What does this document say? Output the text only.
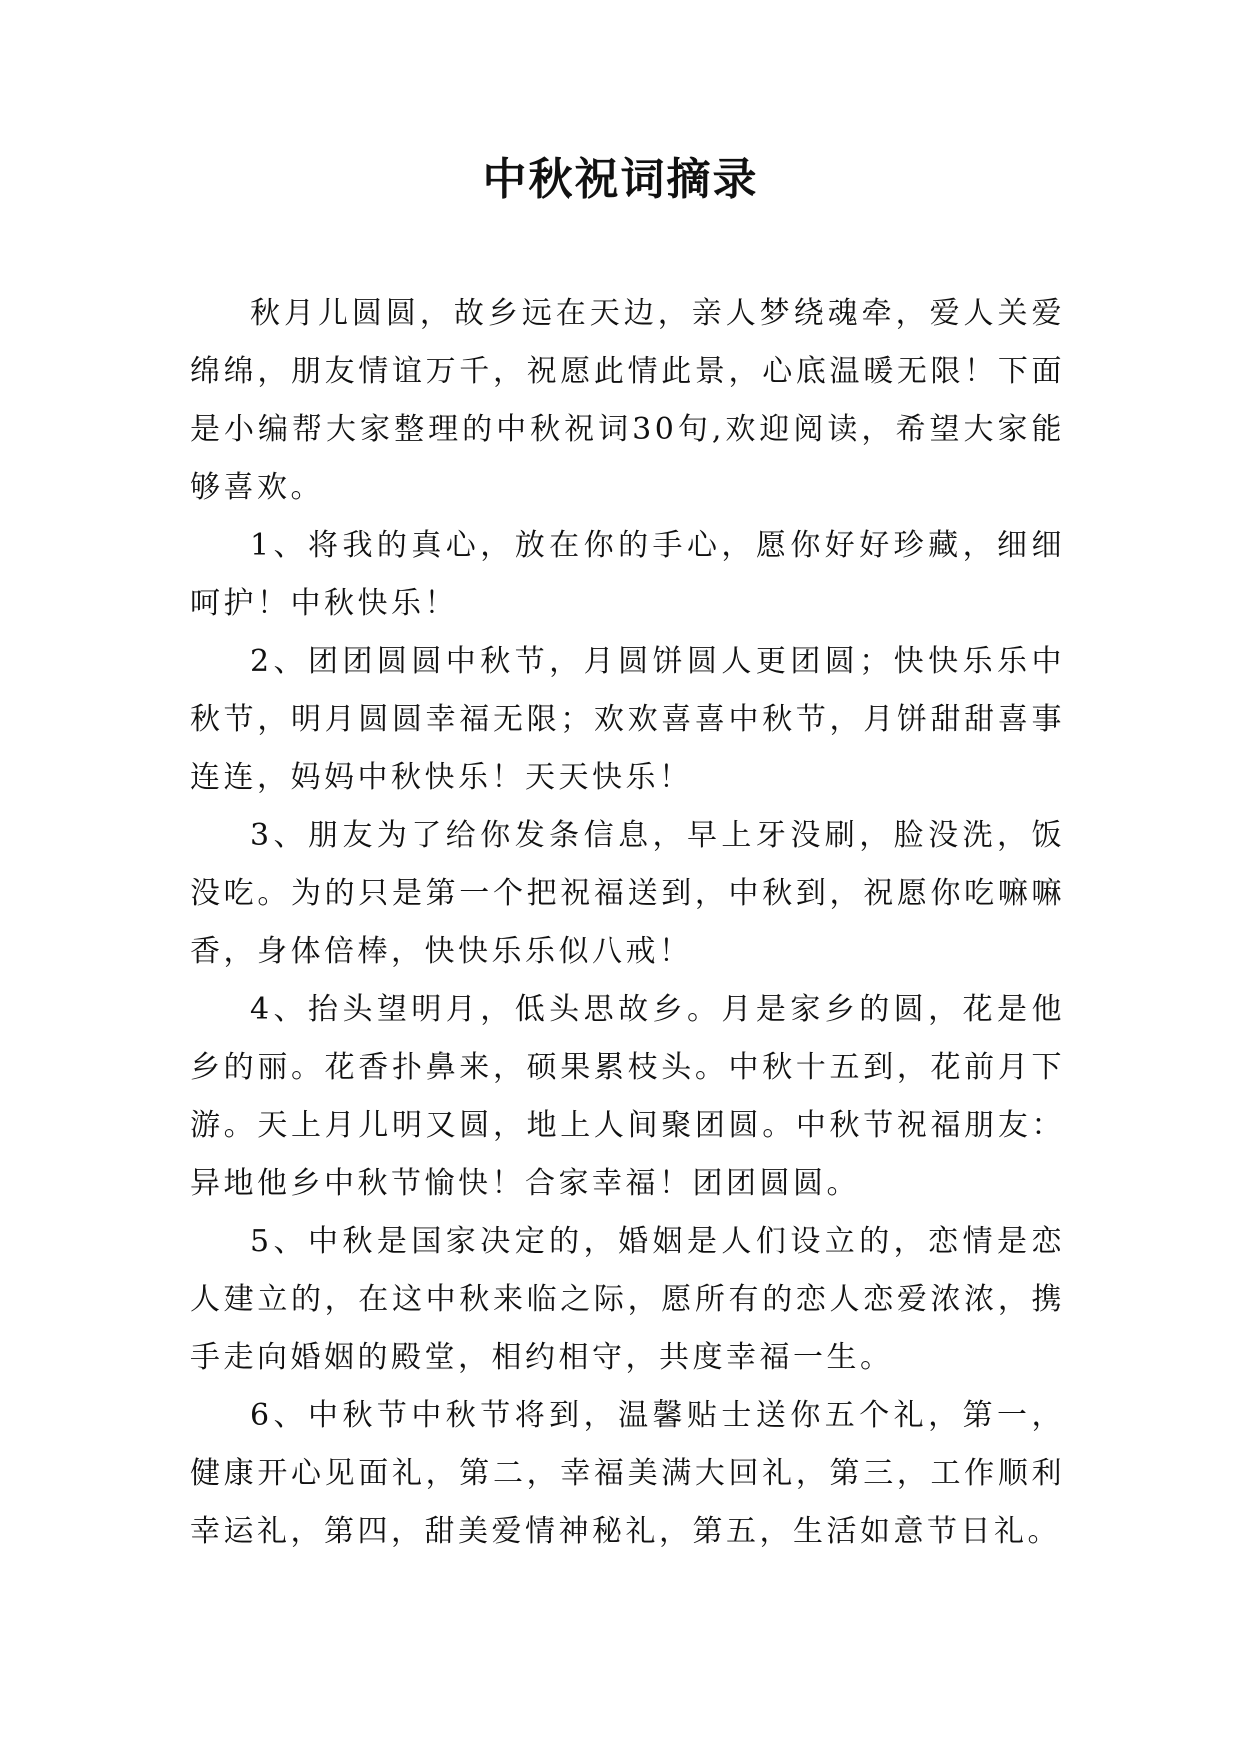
中秋祝词摘录

秋月儿圆圆，故乡远在天边，亲人梦绕魂牵，爱人关爱绵绵，朋友情谊万千，祝愿此情此景，心底温暖无限！下面是小编帮大家整理的中秋祝词30句,欢迎阅读，希望大家能够喜欢。

1、将我的真心，放在你的手心，愿你好好珍藏，细细呵护！中秋快乐！

2、团团圆圆中秋节，月圆饼圆人更团圆；快快乐乐中秋节，明月圆圆幸福无限；欢欢喜喜中秋节，月饼甜甜喜事连连，妈妈中秋快乐！天天快乐！

3、朋友为了给你发条信息，早上牙没刷，脸没洗，饭没吃。为的只是第一个把祝福送到，中秋到，祝愿你吃嘛嘛香，身体倍棒，快快乐乐似八戒！

4、抬头望明月，低头思故乡。月是家乡的圆，花是他乡的丽。花香扑鼻来，硕果累枝头。中秋十五到，花前月下游。天上月儿明又圆，地上人间聚团圆。中秋节祝福朋友：异地他乡中秋节愉快！合家幸福！团团圆圆。

5、中秋是国家决定的，婚姻是人们设立的，恋情是恋人建立的，在这中秋来临之际，愿所有的恋人恋爱浓浓，携手走向婚姻的殿堂，相约相守，共度幸福一生。

6、中秋节中秋节将到，温馨贴士送你五个礼，第一，健康开心见面礼，第二，幸福美满大回礼，第三，工作顺利幸运礼，第四，甜美爱情神秘礼，第五，生活如意节日礼。
